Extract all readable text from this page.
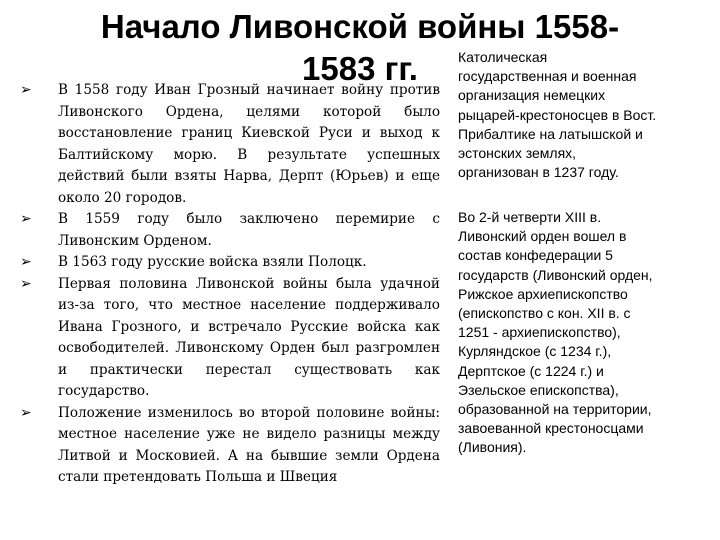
Начало Ливонской войны 1558-1583 гг.
➢ В 1558 году Иван Грозный начинает войну против Ливонского Ордена, целями которой было восстановление границ Киевской Руси и выход к Балтийскому морю. В результате успешных действий были взяты Нарва, Дерпт (Юрьев) и еще около 20 городов.
➢ В 1559 году было заключено перемирие с Ливонским Орденом.
➢ В 1563 году русские войска взяли Полоцк.
➢ Первая половина Ливонской войны была удачной из-за того, что местное население поддерживало Ивана Грозного, и встречало Русские войска как освободителей. Ливонскому Орден был разгромлен и практически перестал существовать как государство.
➢ Положение изменилось во второй половине войны: местное население уже не видело разницы между Литвой и Московией. А на бывшие земли Ордена стали претендовать Польша и Швеция
Католическая
государственная и военная
организация немецких
рыцарей-крестоносцев в Вост.
Прибалтике на латышской и
эстонских землях,
организован в 1237 году.
Во 2-й четверти XIII в.
Ливонский орден вошел в
состав конфедерации 5
государств (Ливонский орден,
Рижское архиепископство
(епископство с кон. XII в. с
1251 - архиепископство),
Курляндское (с 1234 г.),
Дерптское (с 1224 г.) и
Эзельское епископства),
образованной на территории,
завоеванной крестоносцами
(Ливония).
